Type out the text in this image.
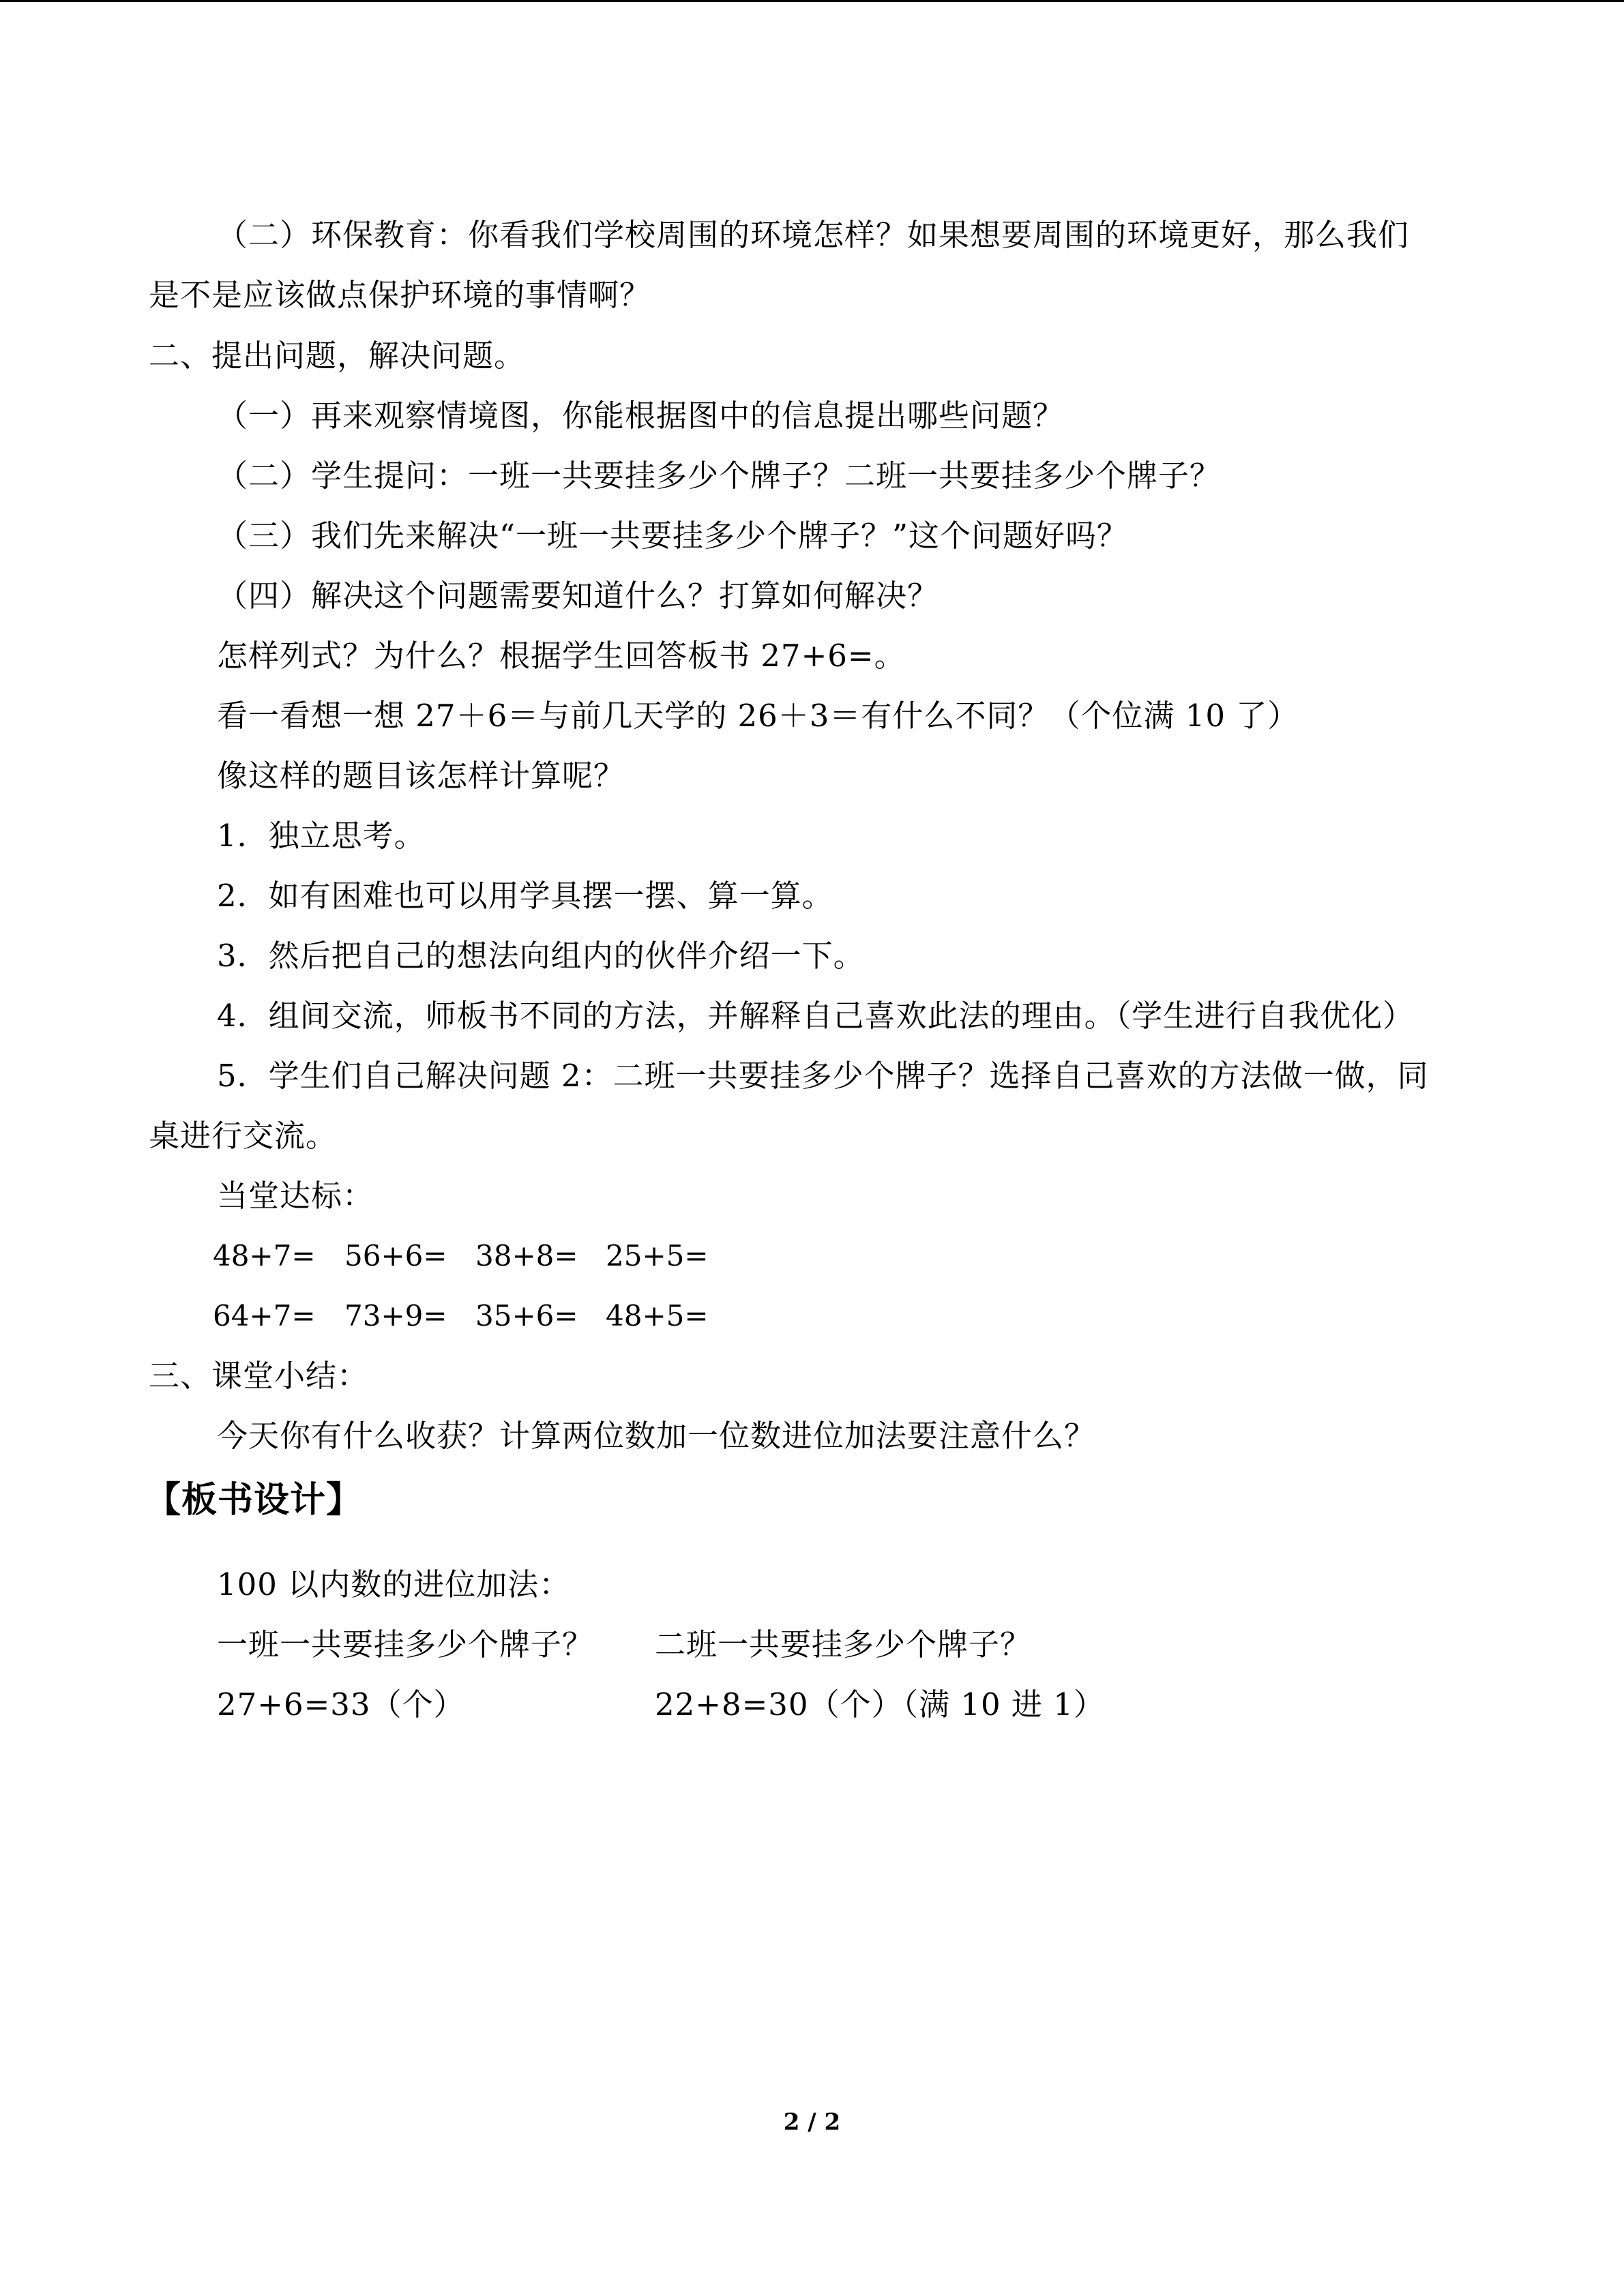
（二）环保教育：你看我们学校周围的环境怎样？如果想要周围的环境更好，那么我们
是不是应该做点保护环境的事情啊？
二、提出问题，解决问题。
（一）再来观察情境图，你能根据图中的信息提出哪些问题？
（二）学生提问：一班一共要挂多少个牌子？二班一共要挂多少个牌子？
（三）我们先来解决“一班一共要挂多少个牌子？”这个问题好吗？
（四）解决这个问题需要知道什么？打算如何解决？
怎样列式？为什么？根据学生回答板书 27+6=。
看一看想一想 27＋6＝与前几天学的 26＋3＝有什么不同？（个位满 10 了）
像这样的题目该怎样计算呢？
1．独立思考。
2．如有困难也可以用学具摆一摆、算一算。
3．然后把自己的想法向组内的伙伴介绍一下。
4．组间交流，师板书不同的方法，并解释自己喜欢此法的理由。（学生进行自我优化）
5．学生们自己解决问题 2：二班一共要挂多少个牌子？选择自己喜欢的方法做一做，同
桌进行交流。
当堂达标：
48+7= 56+6= 38+8= 25+5=
64+7= 73+9= 35+6= 48+5=
三、课堂小结：
今天你有什么收获？计算两位数加一位数进位加法要注意什么？
【板书设计】
100 以内数的进位加法：
一班一共要挂多少个牌子？ 二班一共要挂多少个牌子？
27+6=33（个）	22+8=30（个）（满 10 进 1）
2 / 2
